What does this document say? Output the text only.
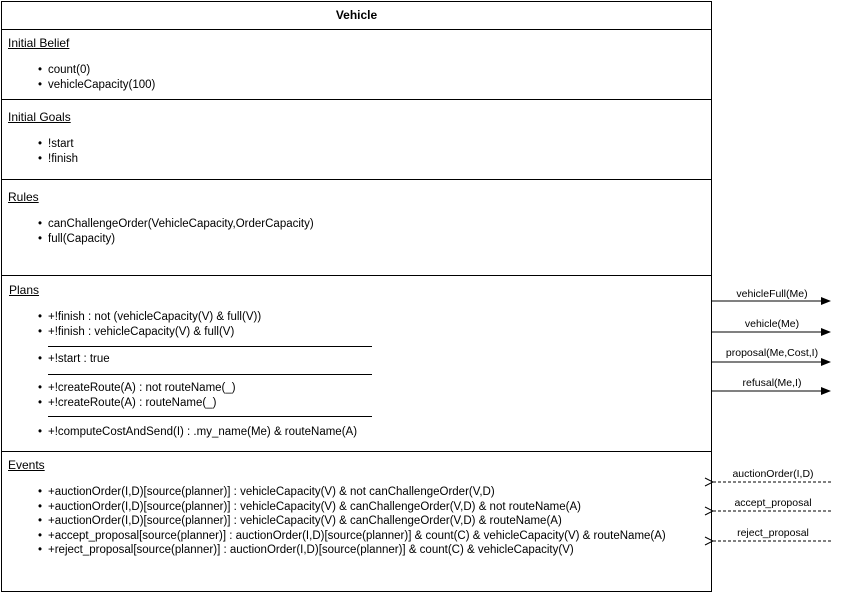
Vehicle
Initial Belief
• count(0)
• vehicleCapacity(100)
Initial Goals
• !start
• !finish
Rules
• canChallengeOrder(VehicleCapacity,OrderCapacity)
• full(Capacity)
Plans
• +!finish : not (vehicleCapacity(V) & full(V))
• +!finish : vehicleCapacity(V) & full(V)
• +!start : true
• +!createRoute(A) : not routeName(_)
• +!createRoute(A) : routeName(_)
• +!computeCostAndSend(I) : .my_name(Me) & routeName(A)
Events
• +auctionOrder(I,D)[source(planner)] : vehicleCapacity(V) & not canChallengeOrder(V,D)
• +auctionOrder(I,D)[source(planner)] : vehicleCapacity(V) & canChallengeOrder(V,D) & not routeName(A)
• +auctionOrder(I,D)[source(planner)] : vehicleCapacity(V) & canChallengeOrder(V,D) & routeName(A)
• +accept_proposal[source(planner)] : auctionOrder(I,D)[source(planner)] & count(C) & vehicleCapacity(V) & routeName(A)
• +reject_proposal[source(planner)] : auctionOrder(I,D)[source(planner)] & count(C) & vehicleCapacity(V)
vehicleFull(Me)
vehicle(Me)
proposal(Me,Cost,I)
refusal(Me,I)
auctionOrder(I,D)
accept_proposal
reject_proposal
